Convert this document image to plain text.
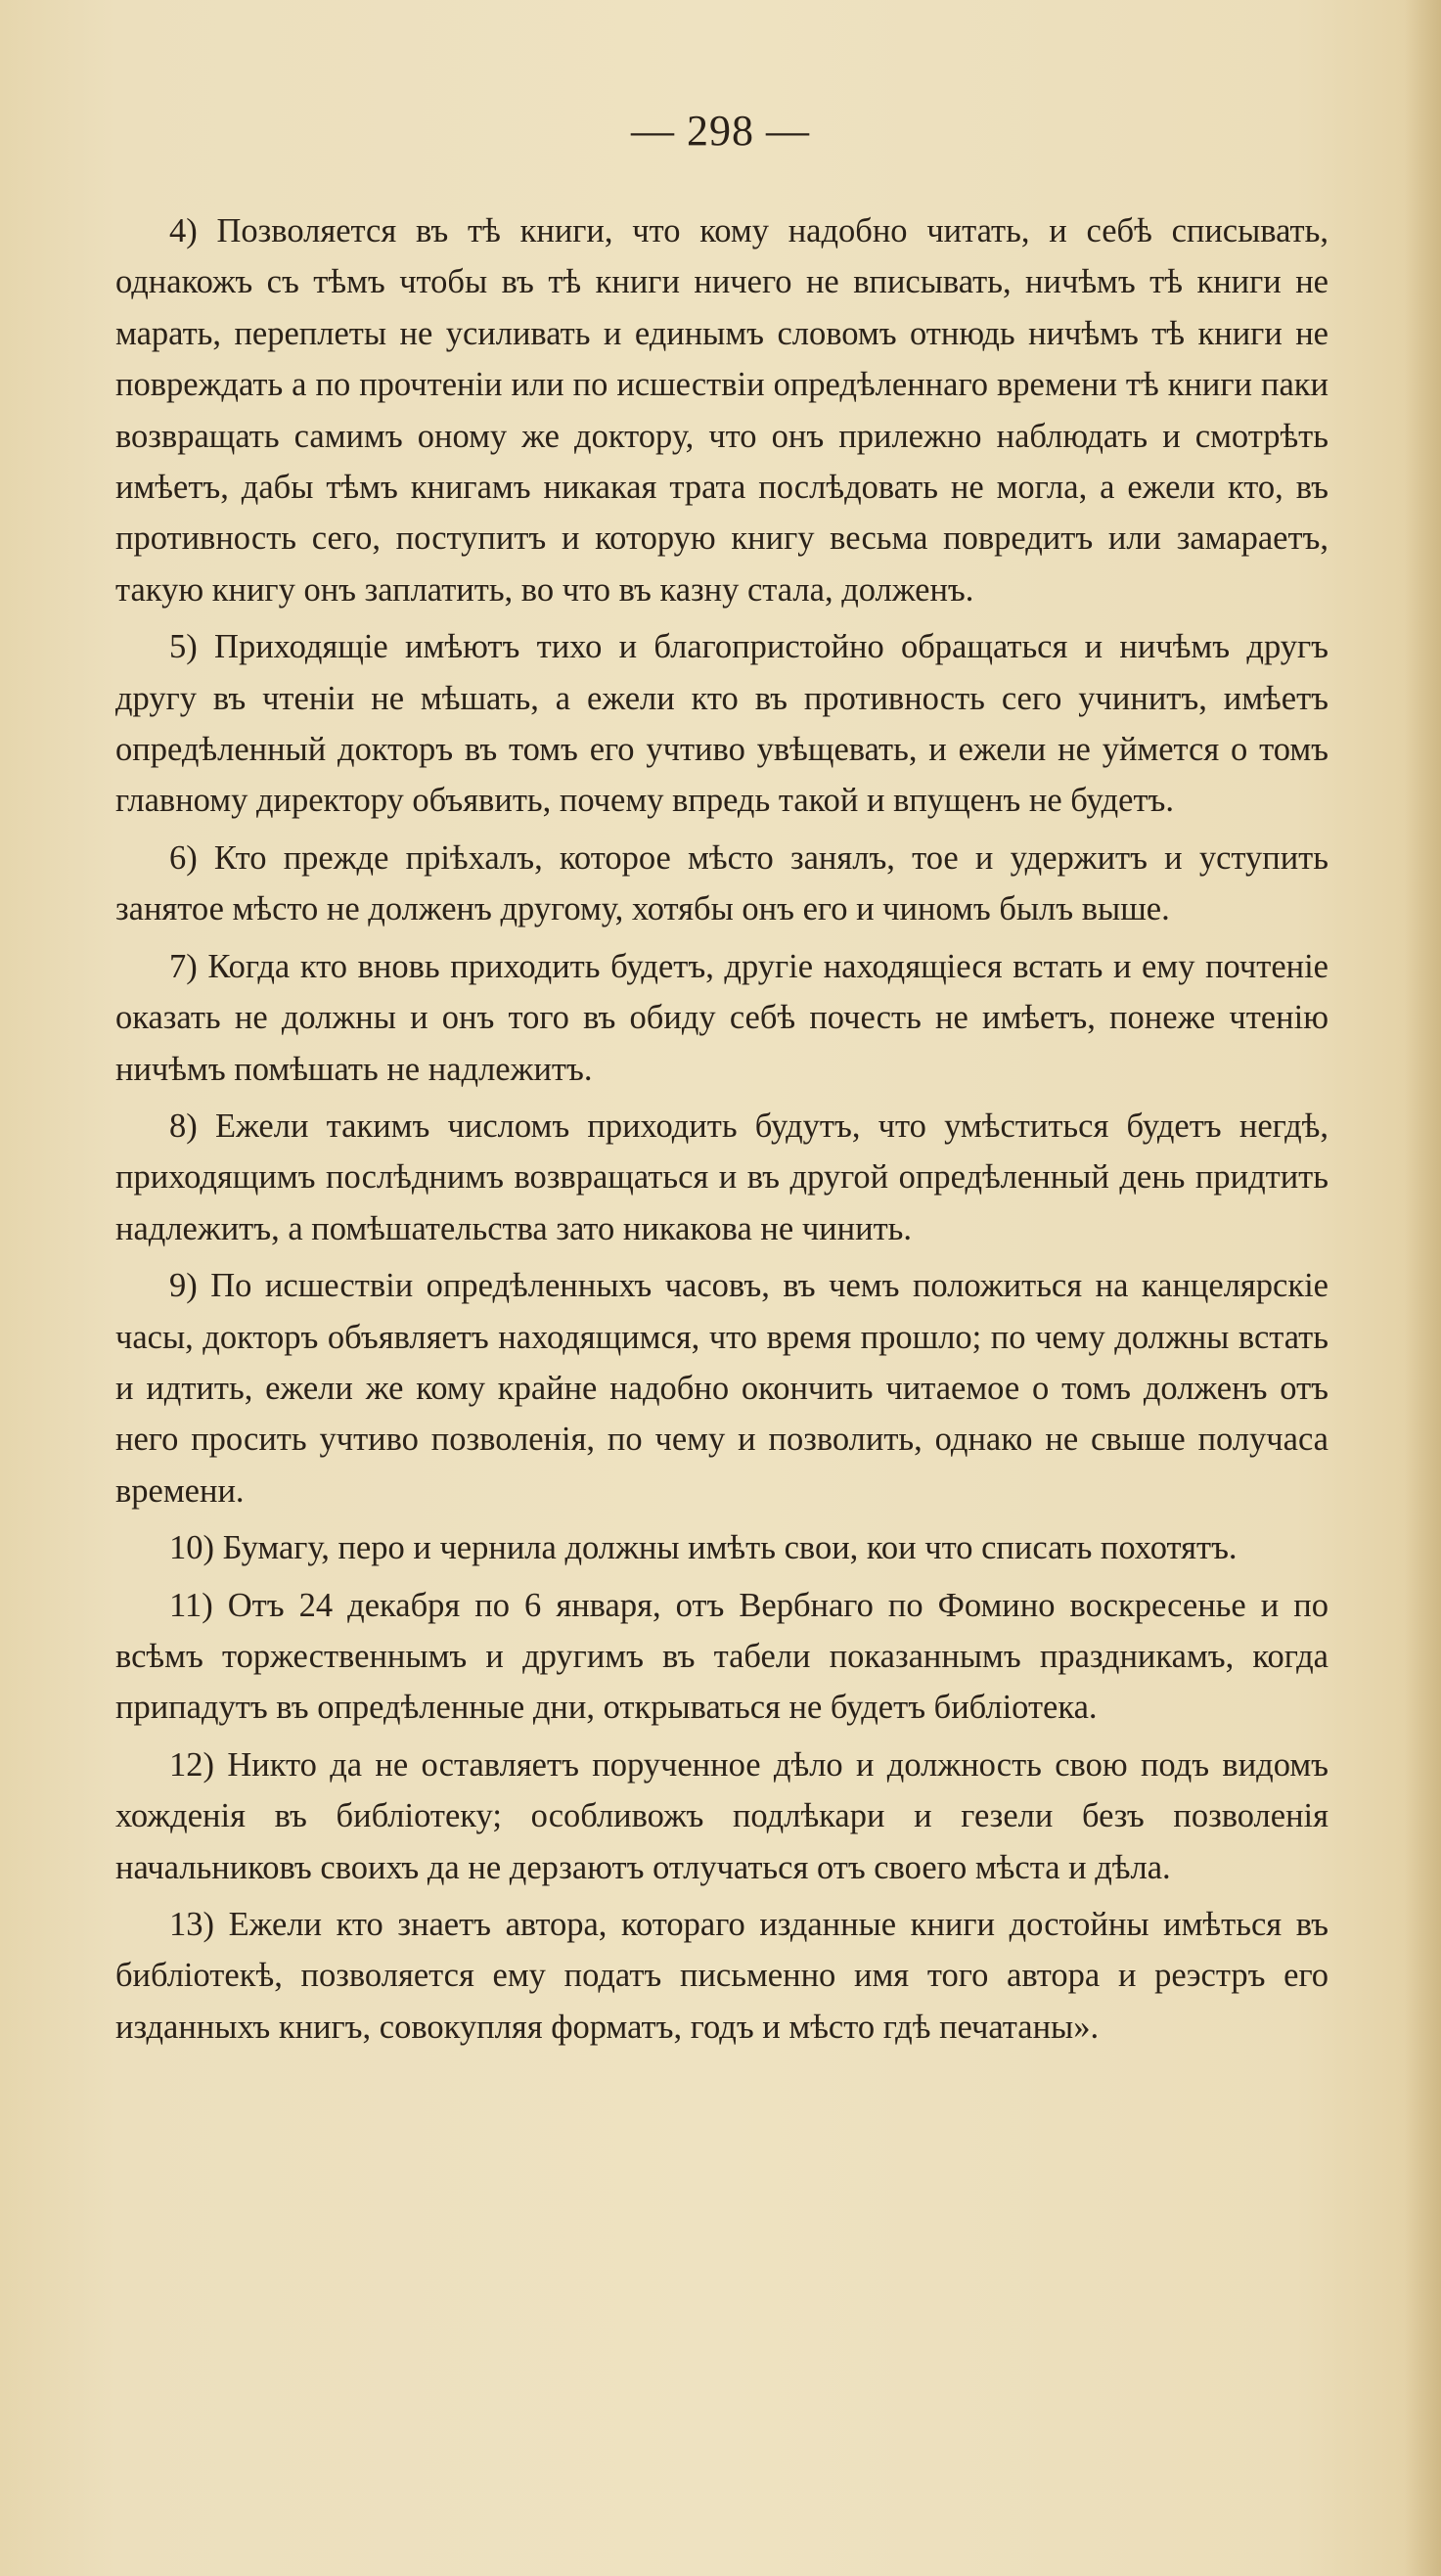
— 298 —

4) Позволяется въ тѣ книги, что кому надобно читать, и себѣ списывать, однакожъ съ тѣмъ чтобы въ тѣ книги ничего не вписывать, ничѣмъ тѣ книги не марать, переплеты не усиливать и единымъ словомъ отнюдь ничѣмъ тѣ книги не повреждать а по прочтеніи или по исшествіи опредѣленнаго времени тѣ книги паки возвращать самимъ оному же доктору, что онъ прилежно наблюдать и смотрѣть имѣетъ, дабы тѣмъ книгамъ никакая трата послѣдовать не могла, а ежели кто, въ противность сего, поступитъ и которую книгу весьма повредитъ или замараетъ, такую книгу онъ заплатить, во что въ казну стала, долженъ.

5) Приходящіе имѣютъ тихо и благопристойно обращаться и ничѣмъ другъ другу въ чтеніи не мѣшать, а ежели кто въ противность сего учинитъ, имѣетъ опредѣленный докторъ въ томъ его учтиво увѣщевать, и ежели не уймется о томъ главному директору объявить, почему впредь такой и впущенъ не будетъ.

6) Кто прежде пріѣхалъ, которое мѣсто занялъ, тое и удержитъ и уступить занятое мѣсто не долженъ другому, хотябы онъ его и чиномъ былъ выше.

7) Когда кто вновь приходить будетъ, другіе находящіеся встать и ему почтеніе оказать не должны и онъ того въ обиду себѣ почесть не имѣетъ, понеже чтенію ничѣмъ помѣшать не надлежитъ.

8) Ежели такимъ числомъ приходить будутъ, что умѣститься будетъ негдѣ, приходящимъ послѣднимъ возвращаться и въ другой опредѣленный день придтить надлежитъ, а помѣшательства зато никакова не чинить.

9) По исшествіи опредѣленныхъ часовъ, въ чемъ положиться на канцелярскіе часы, докторъ объявляетъ находящимся, что время прошло; по чему должны встать и идтить, ежели же кому крайне надобно окончить читаемое о томъ долженъ отъ него просить учтиво позволенія, по чему и позволить, однако не свыше получаса времени.

10) Бумагу, перо и чернила должны имѣть свои, кои что списать похотятъ.

11) Отъ 24 декабря по 6 января, отъ Вербнаго по Фомино воскресенье и по всѣмъ торжественнымъ и другимъ въ табели показаннымъ праздникамъ, когда припадутъ въ опредѣленные дни, открываться не будетъ библіотека.

12) Никто да не оставляетъ порученное дѣло и должность свою подъ видомъ хожденія въ библіотеку; особливожъ подлѣкари и гезели безъ позволенія начальниковъ своихъ да не дерзаютъ отлучаться отъ своего мѣста и дѣла.

13) Ежели кто знаетъ автора, котораго изданные книги достойны имѣться въ библіотекѣ, позволяется ему податъ письменно имя того автора и реэстръ его изданныхъ книгъ, совокупляя форматъ, годъ и мѣсто гдѣ печатаны».
